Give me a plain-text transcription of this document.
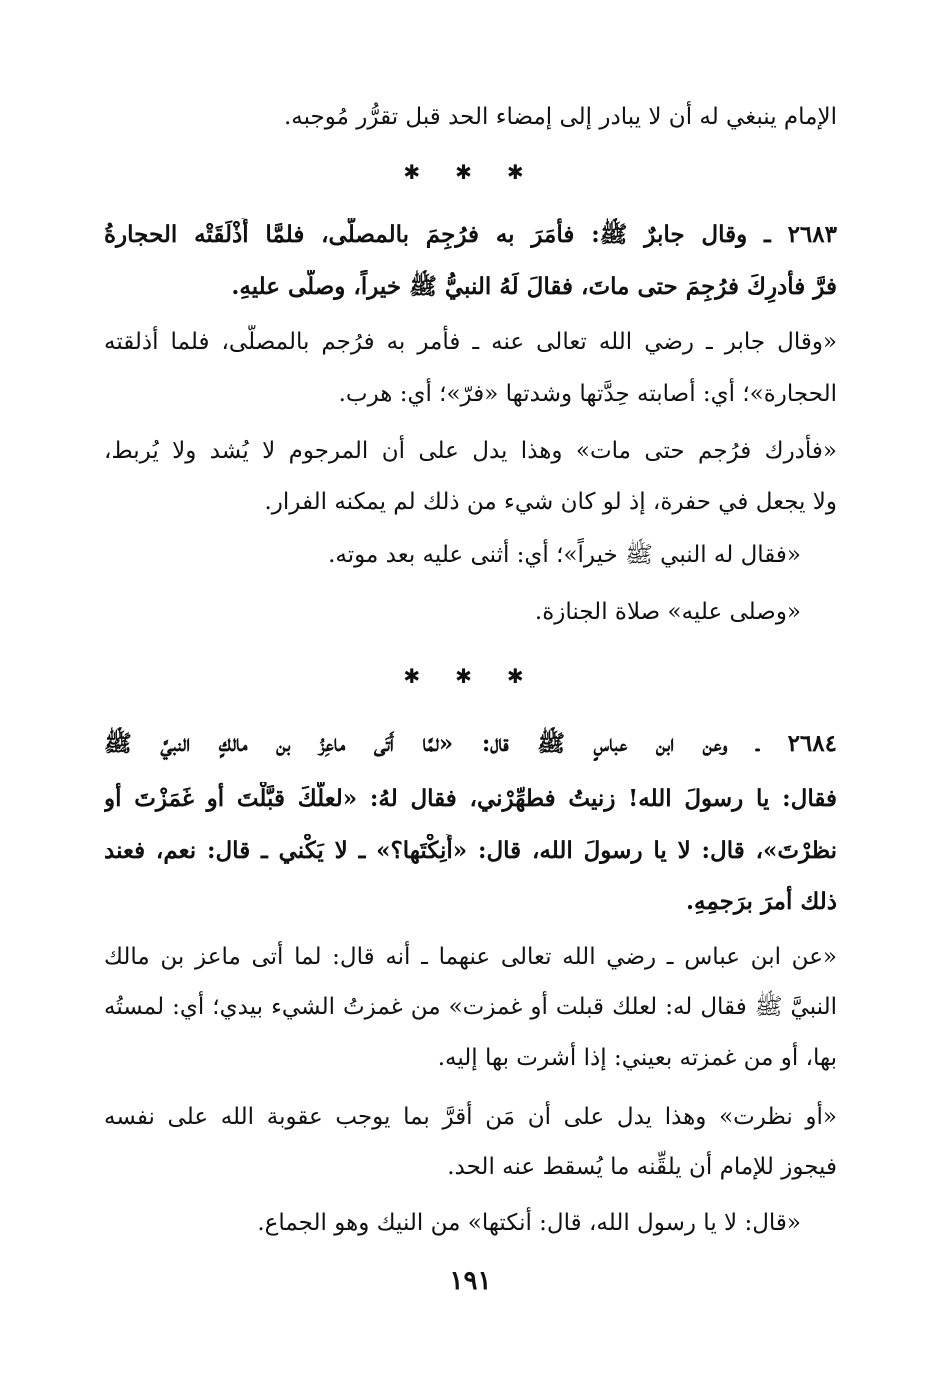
الإمام ينبغي له أن لا يبادر إلى إمضاء الحد قبل تقرُّر مُوجبه.
✱ ✱ ✱
٢٦٨٣ ـ وقال جابرٌ ﷺ: فأَمَرَ به فرُجِمَ بالمصلَّى، فلمَّا أَذْلَقَتْه الحجارةُ
فرَّ فأُدرِكَ فرُجِمَ حتى ماتَ، فقالَ لَهُ النبيُّ ﷺ خيراً، وصلَّى عليهِ.
«وقال جابر ـ رضي الله تعالى عنه ـ فأَمر به فرُجم بالمصلَّى، فلما أذلقته
الحجارة»؛ أي: أصابته حِدَّتها وشدتها «فرّ»؛ أي: هرب.
«فأُدرك فرُجم حتى مات» وهذا يدل على أن المرجوم لا يُشد ولا يُربط،
ولا يجعل في حفرة، إذ لو كان شيء من ذلك لم يمكنه الفرار.
«فقال له النبي ﷺ خيراً»؛ أي: أثنى عليه بعد موته.
«وصلى عليه» صلاة الجنازة.
✱ ✱ ✱
٢٦٨٤ ـ وعن ابن عباسٍ ﷺ قال: «لمَّا أَتَى ماعِزُ بن مالكٍ النبيَّ ﷺ
فقال: يا رسولَ الله! زنيتُ فطهِّرْني، فقال لهُ: «لعلَّكَ قبَّلْتَ أو غَمَزْتَ أو
نظرْتَ»، قال: لا يا رسولَ الله، قال: «أَنِكْتَها؟» ـ لا يَكْني ـ قال: نعم، فعند
ذلك أمرَ برَجمِهِ.
«عن ابن عباس ـ رضي الله تعالى عنهما ـ أنه قال: لما أتى ماعز بن مالك
النبيَّ ﷺ فقال له: لعلك قبلت أو غمزت» من غمزتُ الشيء بيدي؛ أي: لمستُه
بها، أو من غمزته بعيني: إذا أشرت بها إليه.
«أو نظرت» وهذا يدل على أن مَن أقرَّ بما يوجب عقوبة الله على نفسه
فيجوز للإمام أن يلقِّنه ما يُسقط عنه الحد.
«قال: لا يا رسول الله، قال: أنكتها» من النيك وهو الجماع.
١٩١
